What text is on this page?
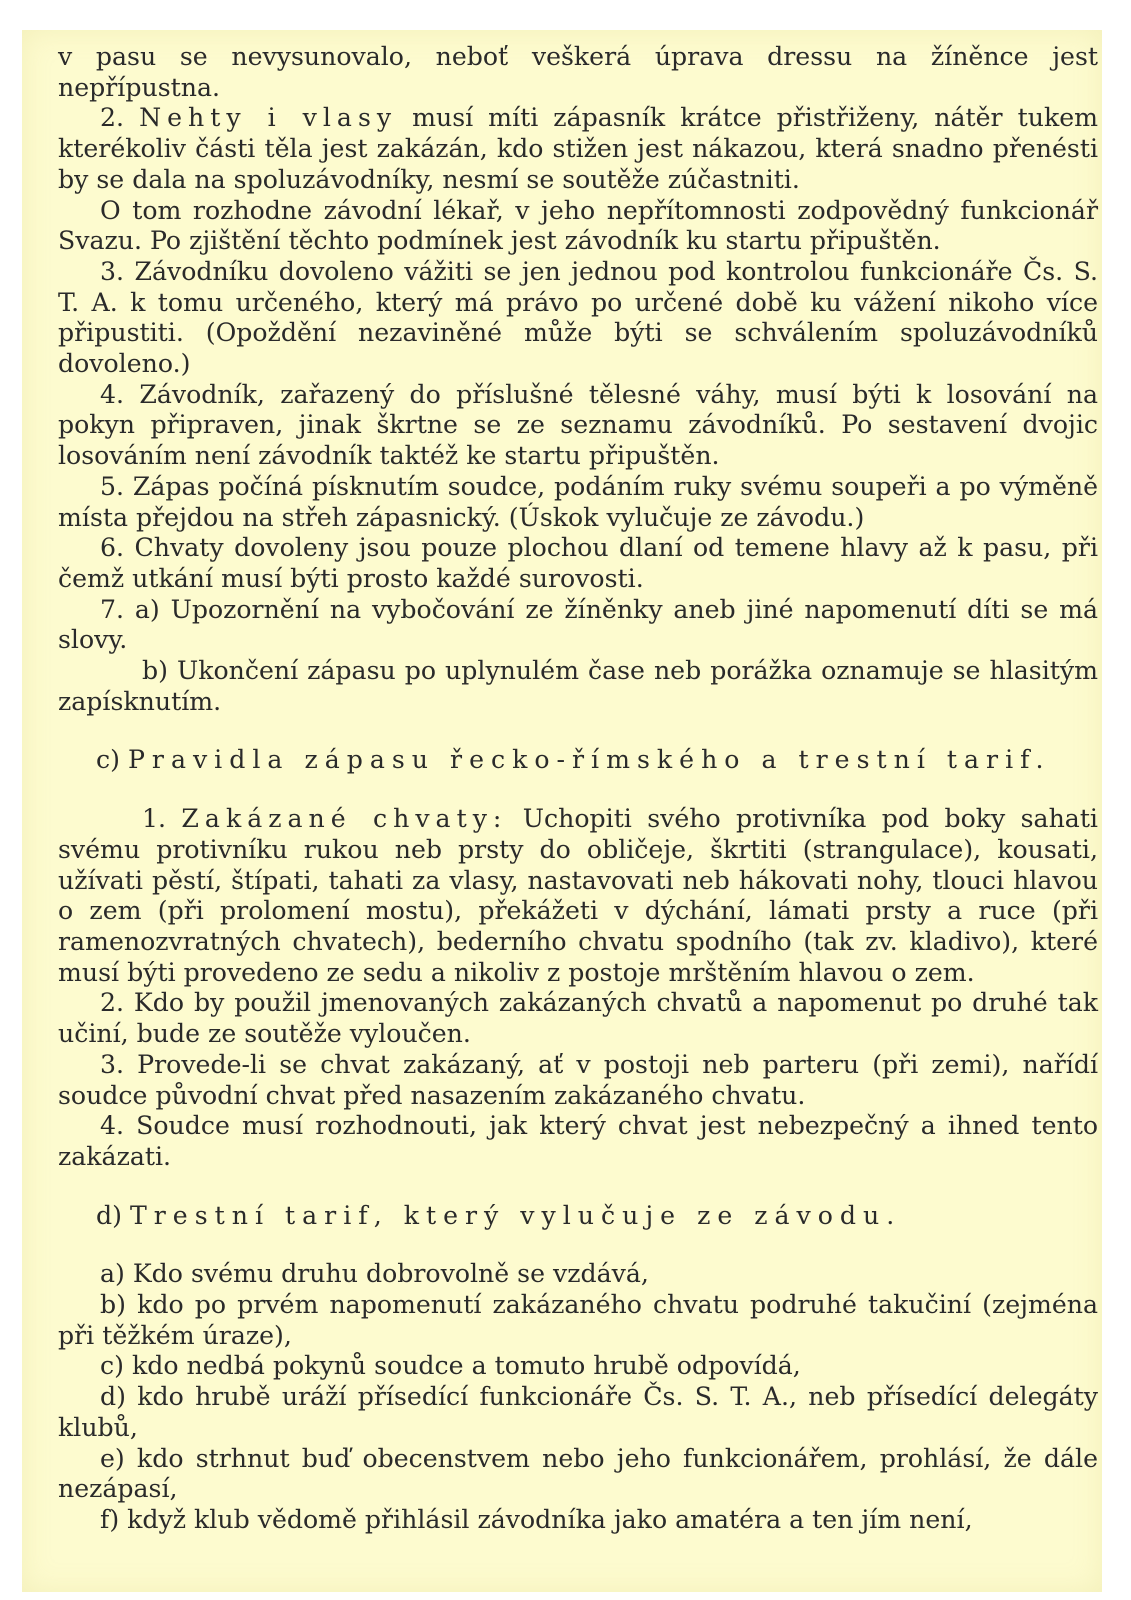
v pasu se nevysunovalo, neboť veškerá úprava dressu na žíněnce jest nepřípustna.

2. Nehty i vlasy musí míti zápasník krátce přistřiženy, nátěr tukem kterékoliv části těla jest zakázán, kdo stižen jest nákazou, která snadno přenésti by se dala na spoluzávodníky, nesmí se soutěže zúčastniti.

O tom rozhodne závodní lékař, v jeho nepřítomnosti zodpovědný funkcionář Svazu. Po zjištění těchto podmínek jest závodník ku startu připuštěn.

3. Závodníku dovoleno vážiti se jen jednou pod kontrolou funkcionáře Čs. S. T. A. k tomu určeného, který má právo po určené době ku vážení nikoho více připustiti. (Opoždění nezaviněné může býti se schválením spoluzávodníků dovoleno.)

4. Závodník, zařazený do příslušné tělesné váhy, musí býti k losování na pokyn připraven, jinak škrtne se ze seznamu závodníků. Po sestavení dvojic losováním není závodník taktéž ke startu připuštěn.

5. Zápas počíná písknutím soudce, podáním ruky svému soupeři a po výměně místa přejdou na střeh zápasnický. (Úskok vylučuje ze závodu.)

6. Chvaty dovoleny jsou pouze plochou dlaní od temene hlavy až k pasu, při čemž utkání musí býti prosto každé surovosti.

7. a) Upozornění na vybočování ze žíněnky aneb jiné napomenutí díti se má slovy.

b) Ukončení zápasu po uplynulém čase neb porážka oznamuje se hlasitým zapísknutím.

c) Pravidla zápasu řecko-římského a trestní tarif.

1. Zakázané chvaty: Uchopiti svého protivníka pod boky sahati svému protivníku rukou neb prsty do obličeje, škrtiti (strangulace), kousati, užívati pěstí, štípati, tahati za vlasy, nastavovati neb hákovati nohy, tlouci hlavou o zem (při prolomení mostu), překážeti v dýchání, lámati prsty a ruce (při ramenozvratných chvatech), bederního chvatu spodního (tak zv. kladivo), které musí býti provedeno ze sedu a nikoliv z postoje mrštěním hlavou o zem.

2. Kdo by použil jmenovaných zakázaných chvatů a napomenut po druhé tak učiní, bude ze soutěže vyloučen.

3. Provede-li se chvat zakázaný, ať v postoji neb parteru (při zemi), nařídí soudce původní chvat před nasazením zakázaného chvatu.

4. Soudce musí rozhodnouti, jak který chvat jest nebezpečný a ihned tento zakázati.

d) Trestní tarif, který vylučuje ze závodu.

a) Kdo svému druhu dobrovolně se vzdává,

b) kdo po prvém napomenutí zakázaného chvatu podruhé takučiní (zejména při těžkém úraze),

c) kdo nedbá pokynů soudce a tomuto hrubě odpovídá,

d) kdo hrubě uráží přísedící funkcionáře Čs. S. T. A., neb přísedící delegáty klubů,

e) kdo strhnut buď obecenstvem nebo jeho funkcionářem, prohlásí, že dále nezápasí,

f) když klub vědomě přihlásil závodníka jako amatéra a ten jím není,
